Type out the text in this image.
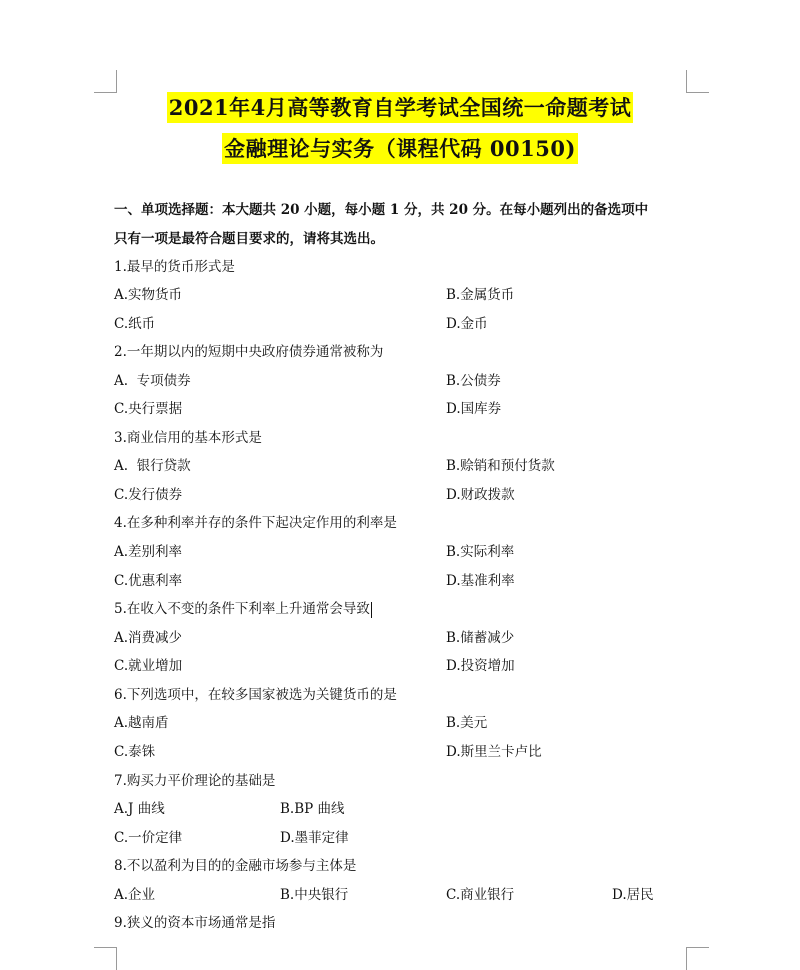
2021年4月高等教育自学考试全国统一命题考试
金融理论与实务（课程代码 00150)
一、单项选择题：本大题共 20 小题，每小题 1 分，共 20 分。在每小题列出的备选项中只有一项是最符合题目要求的，请将其选出。
1.最早的货币形式是
A.实物货币	B.金属货币
C.纸币	D.金币
2.一年期以内的短期中央政府债券通常被称为
A.  专项债券	B.公债券
C.央行票据	D.国库券
3.商业信用的基本形式是
A.  银行贷款	B.赊销和预付货款
C.发行债券	D.财政拨款
4.在多种利率并存的条件下起决定作用的利率是
A.差别利率	B.实际利率
C.优惠利率	D.基准利率
5.在收入不变的条件下利率上升通常会导致
A.消费减少	B.储蓄减少
C.就业增加	D.投资增加
6.下列选项中，在较多国家被选为关键货币的是
A.越南盾	B.美元
C.泰铢	D.斯里兰卡卢比
7.购买力平价理论的基础是
A.J 曲线	B.BP 曲线
C.一价定律	D.墨菲定律
8.不以盈利为目的的金融市场参与主体是
A.企业	B.中央银行	C.商业银行	D.居民
9.狭义的资本市场通常是指
